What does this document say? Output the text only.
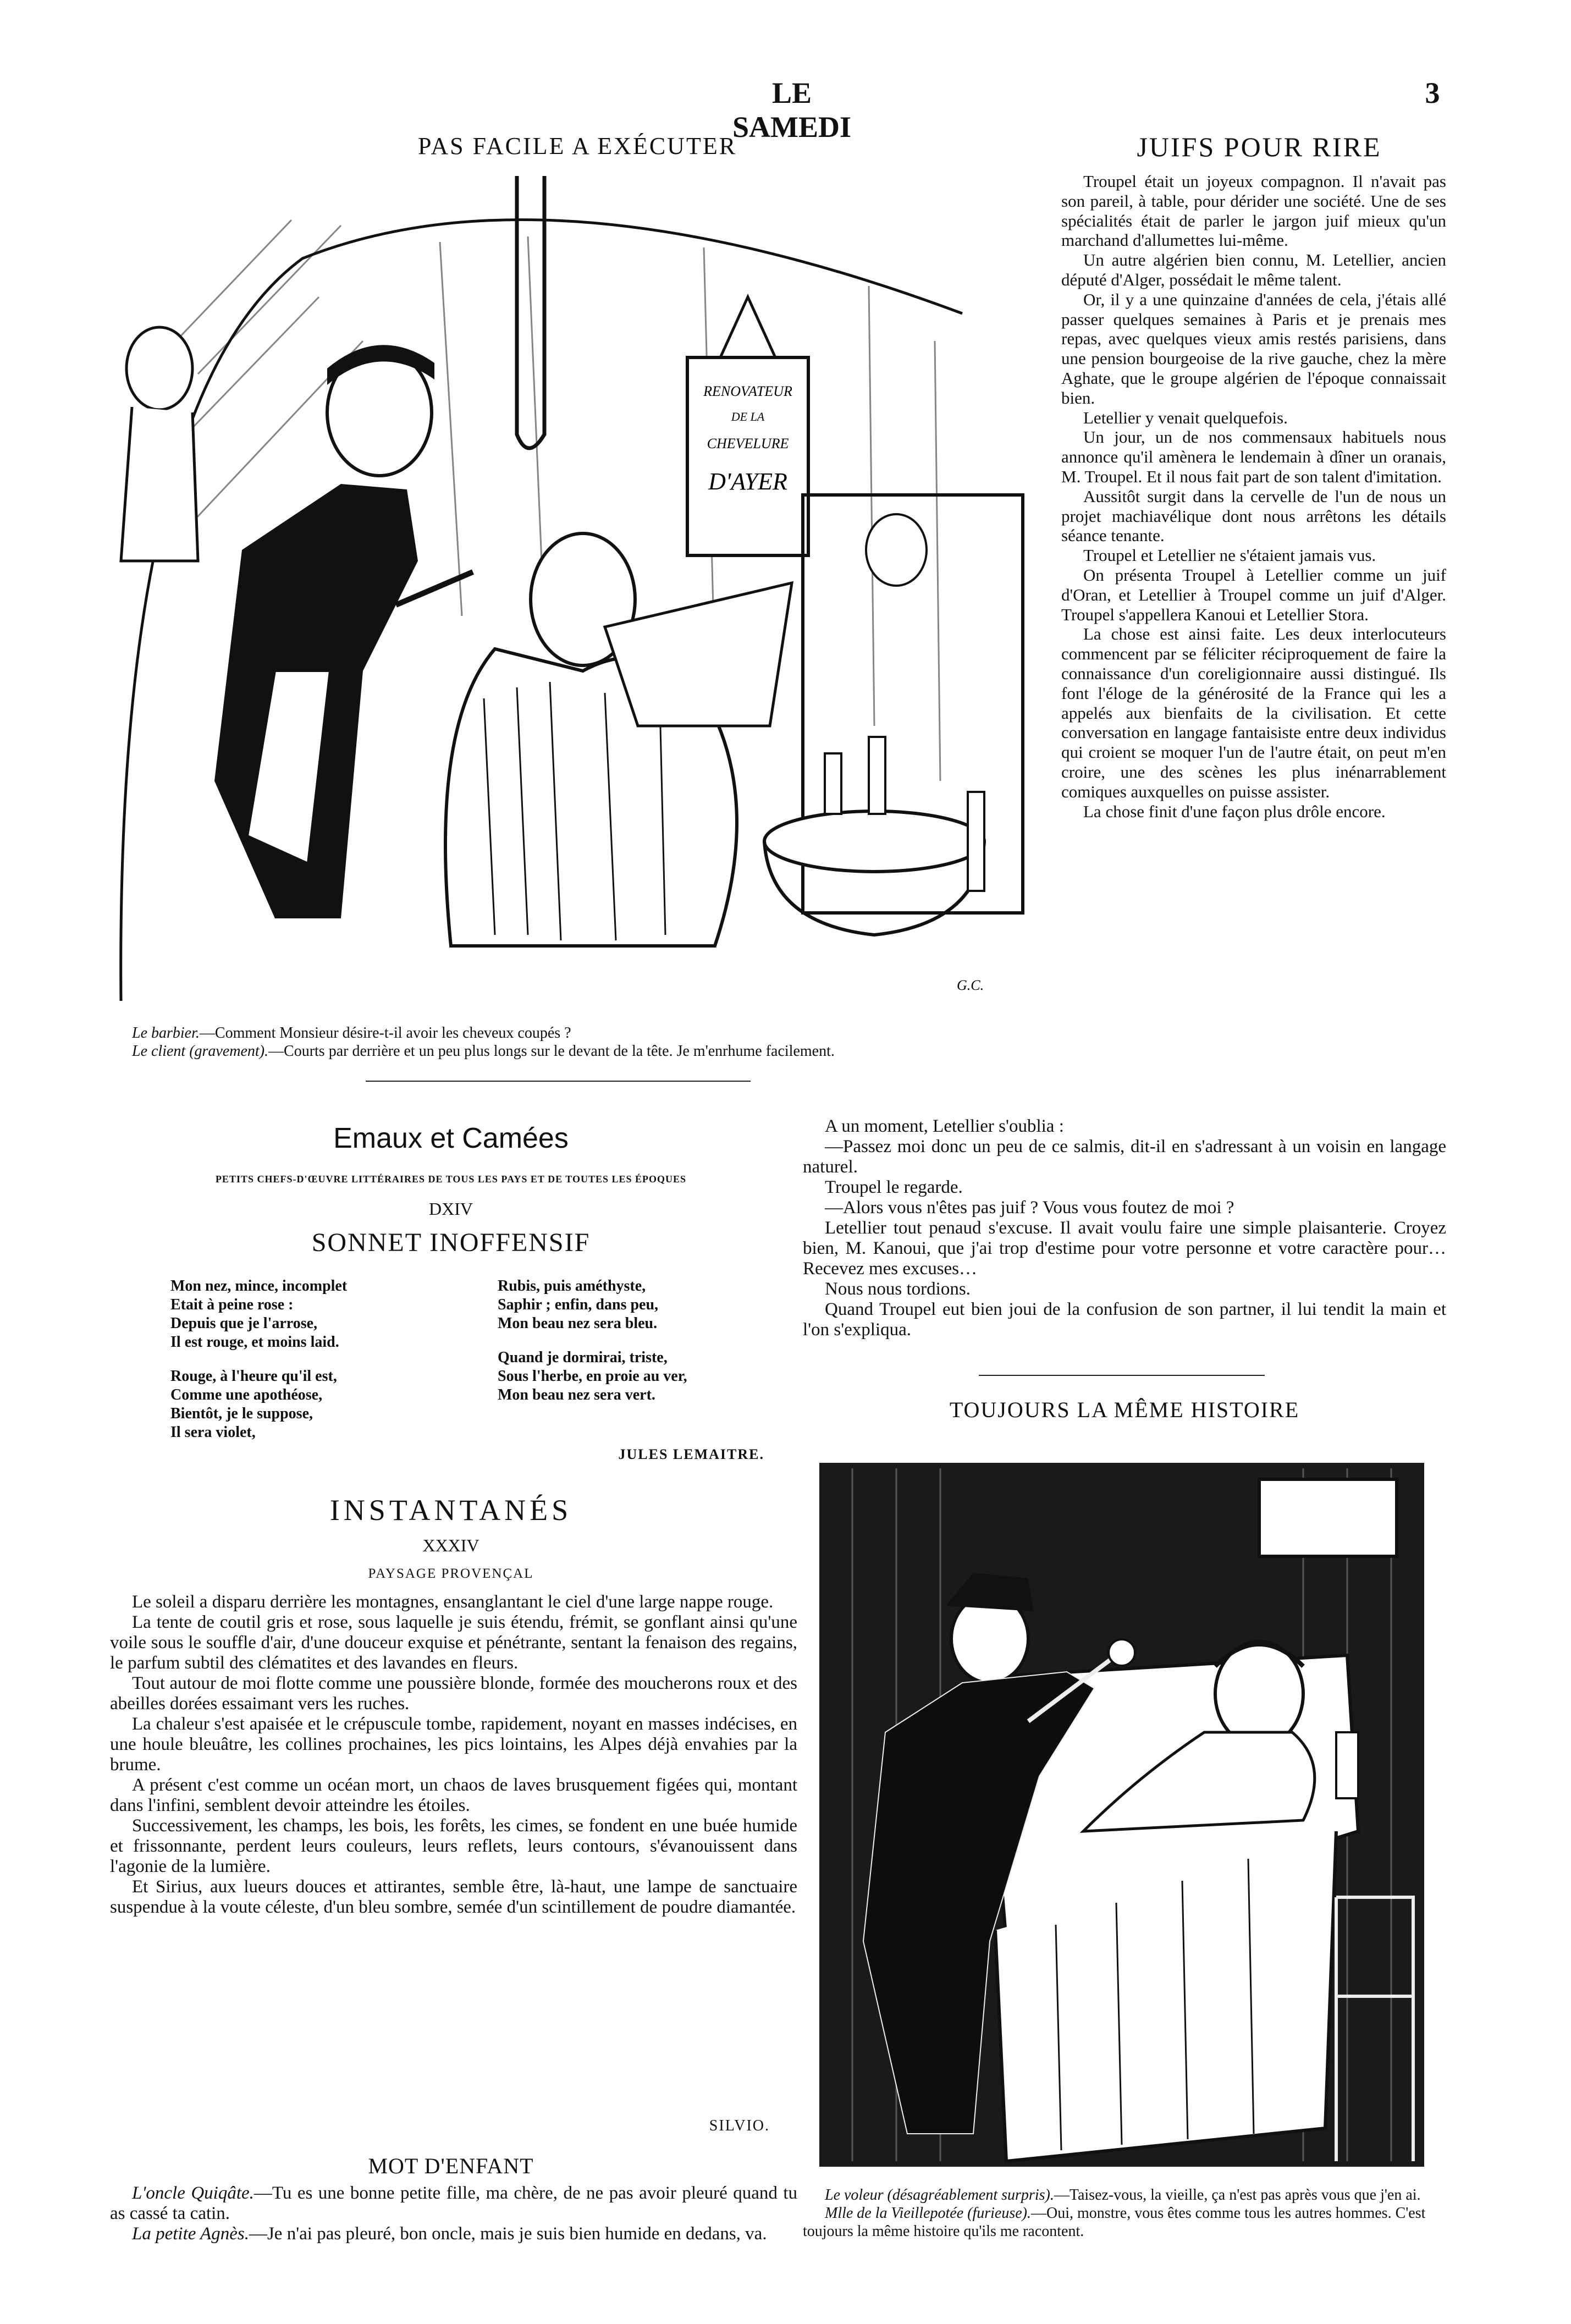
LE SAMEDI
3
PAS FACILE A EXÉCUTER
RENOVATEUR
DE LA
CHEVELURE
D'AYER
G.C.

Le barbier.—Comment Monsieur désire-t-il avoir les cheveux coupés ?

Le client (gravement).—Courts par derrière et un peu plus longs sur le devant de la tête. Je m'enrhume facilement.

Emaux et Camées
PETITS CHEFS-D'ŒUVRE LITTÉRAIRES DE TOUS LES PAYS ET DE TOUTES LES ÉPOQUES
DXIV
SONNET INOFFENSIF
Mon nez, mince, incomplet
Etait à peine rose :
Depuis que je l'arrose,
Il est rouge, et moins laid.
Rouge, à l'heure qu'il est,
Comme une apothéose,
Bientôt, je le suppose,
Il sera violet,
Rubis, puis améthyste,
Saphir ; enfin, dans peu,
Mon beau nez sera bleu.
Quand je dormirai, triste,
Sous l'herbe, en proie au ver,
Mon beau nez sera vert.
JULES LEMAITRE.
INSTANTANÉS
XXXIV
PAYSAGE PROVENÇAL

Le soleil a disparu derrière les montagnes, ensanglantant le ciel d'une large nappe rouge.

La tente de coutil gris et rose, sous laquelle je suis étendu, frémit, se gonflant ainsi qu'une voile sous le souffle d'air, d'une douceur exquise et pénétrante, sentant la fenaison des regains, le parfum subtil des clématites et des lavandes en fleurs.

Tout autour de moi flotte comme une poussière blonde, formée des moucherons roux et des abeilles dorées essaimant vers les ruches.

La chaleur s'est apaisée et le crépuscule tombe, rapidement, noyant en masses indécises, en une houle bleuâtre, les collines prochaines, les pics lointains, les Alpes déjà envahies par la brume.

A présent c'est comme un océan mort, un chaos de laves brusquement figées qui, montant dans l'infini, semblent devoir atteindre les étoiles.

Successivement, les champs, les bois, les forêts, les cimes, se fondent en une buée humide et frissonnante, perdent leurs couleurs, leurs reflets, leurs contours, s'évanouissent dans l'agonie de la lumière.

Et Sirius, aux lueurs douces et attirantes, semble être, là-haut, une lampe de sanctuaire suspendue à la voute céleste, d'un bleu sombre, semée d'un scintillement de poudre diamantée.

SILVIO.
MOT D'ENFANT

L'oncle Quiqâte.—Tu es une bonne petite fille, ma chère, de ne pas avoir pleuré quand tu as cassé ta catin.

La petite Agnès.—Je n'ai pas pleuré, bon oncle, mais je suis bien humide en dedans, va.

JUIFS POUR RIRE

Troupel était un joyeux compagnon. Il n'avait pas son pareil, à table, pour dérider une société. Une de ses spécialités était de parler le jargon juif mieux qu'un marchand d'allumettes lui-même.

Un autre algérien bien connu, M. Letellier, ancien député d'Alger, possédait le même talent.

Or, il y a une quinzaine d'années de cela, j'étais allé passer quelques semaines à Paris et je prenais mes repas, avec quelques vieux amis restés parisiens, dans une pension bourgeoise de la rive gauche, chez la mère Aghate, que le groupe algérien de l'époque connaissait bien.

Letellier y venait quelquefois.

Un jour, un de nos commensaux habituels nous annonce qu'il amènera le lendemain à dîner un oranais, M. Troupel. Et il nous fait part de son talent d'imitation.

Aussitôt surgit dans la cervelle de l'un de nous un projet machiavélique dont nous arrêtons les détails séance tenante.

Troupel et Letellier ne s'étaient jamais vus.

On présenta Troupel à Letellier comme un juif d'Oran, et Letellier à Troupel comme un juif d'Alger. Troupel s'appellera Kanoui et Letellier Stora.

La chose est ainsi faite. Les deux interlocuteurs commencent par se féliciter réciproquement de faire la connaissance d'un coreligionnaire aussi distingué. Ils font l'éloge de la générosité de la France qui les a appelés aux bienfaits de la civilisation. Et cette conversation en langage fantaisiste entre deux individus qui croient se moquer l'un de l'autre était, on peut m'en croire, une des scènes les plus inénarrablement comiques auxquelles on puisse assister.

La chose finit d'une façon plus drôle encore.

A un moment, Letellier s'oublia :

—Passez moi donc un peu de ce salmis, dit-il en s'adressant à un voisin en langage naturel.

Troupel le regarde.

—Alors vous n'êtes pas juif ? Vous vous foutez de moi ?

Letellier tout penaud s'excuse. Il avait voulu faire une simple plaisanterie. Croyez bien, M. Kanoui, que j'ai trop d'estime pour votre personne et votre caractère pour… Recevez mes excuses…

Nous nous tordions.

Quand Troupel eut bien joui de la confusion de son partner, il lui tendit la main et l'on s'expliqua.

TOUJOURS LA MÊME HISTOIRE

Le voleur (désagréablement surpris).—Taisez-vous, la vieille, ça n'est pas après vous que j'en ai.

Mlle de la Vieillepotée (furieuse).—Oui, monstre, vous êtes comme tous les autres hommes. C'est toujours la même histoire qu'ils me racontent.
